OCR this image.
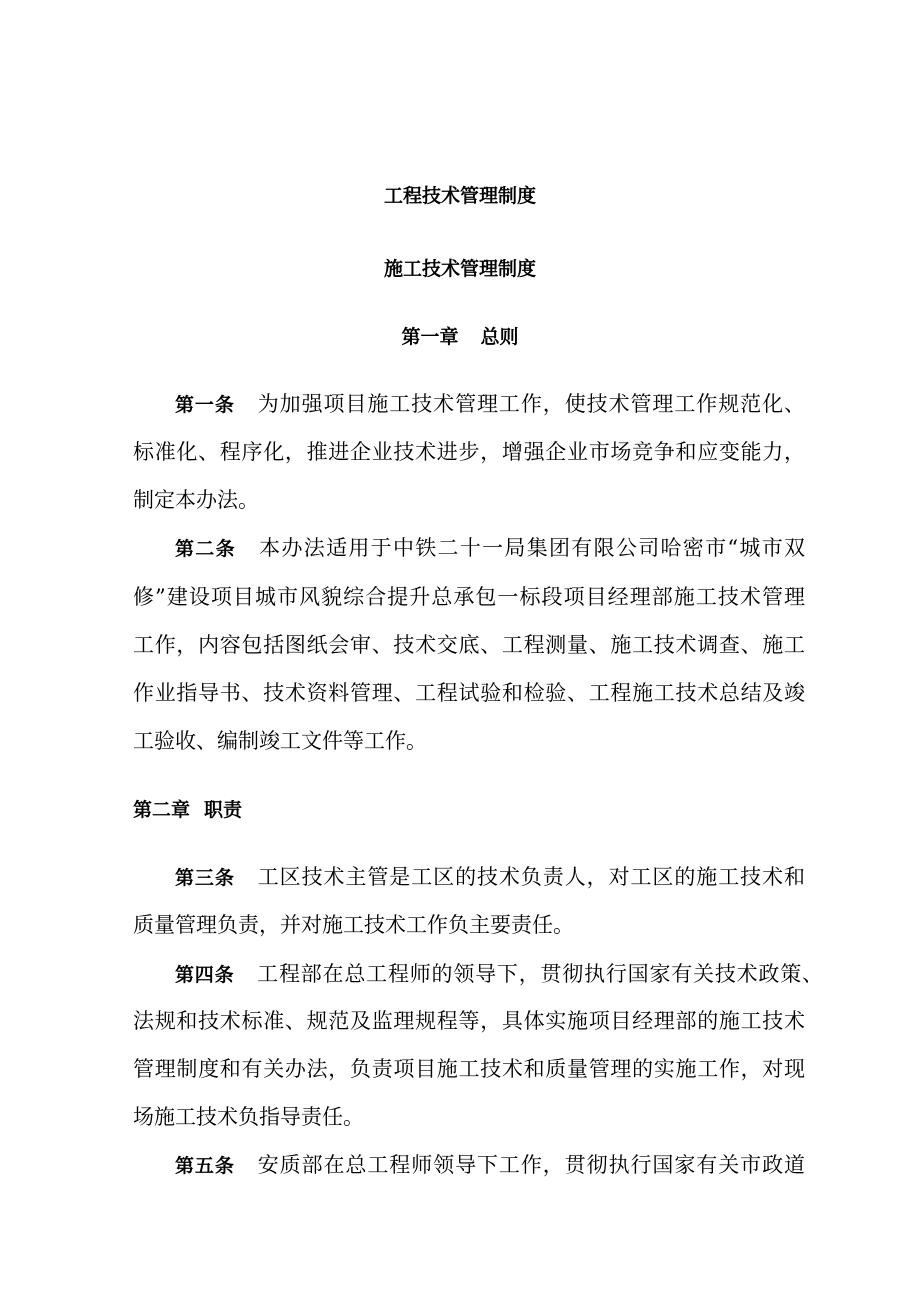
工程技术管理制度
施工技术管理制度
第一章 总则
第一条 为加强项目施工技术管理工作，使技术管理工作规范化、
标准化、程序化，推进企业技术进步，增强企业市场竞争和应变能力，
制定本办法。
第二条 本办法适用于中铁二十一局集团有限公司哈密市“城市双
修”建设项目城市风貌综合提升总承包一标段项目经理部施工技术管理
工作，内容包括图纸会审、技术交底、工程测量、施工技术调查、施工
作业指导书、技术资料管理、工程试验和检验、工程施工技术总结及竣
工验收、编制竣工文件等工作。
第二章 职责
第三条 工区技术主管是工区的技术负责人，对工区的施工技术和
质量管理负责，并对施工技术工作负主要责任。
第四条 工程部在总工程师的领导下，贯彻执行国家有关技术政策、
法规和技术标准、规范及监理规程等，具体实施项目经理部的施工技术
管理制度和有关办法，负责项目施工技术和质量管理的实施工作，对现
场施工技术负指导责任。
第五条 安质部在总工程师领导下工作，贯彻执行国家有关市政道
